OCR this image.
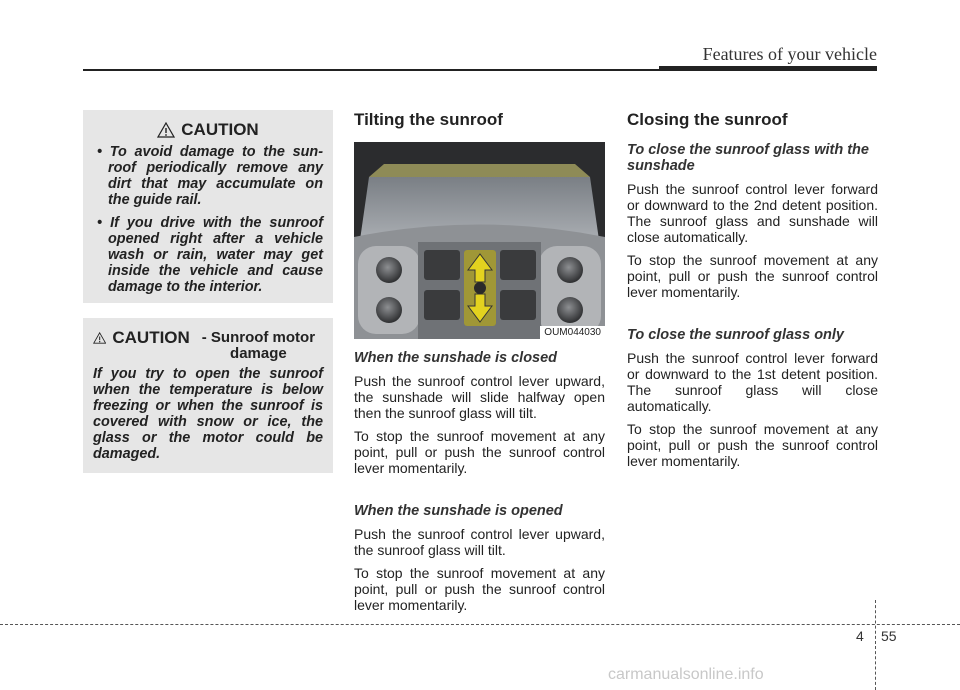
Features of your vehicle
CAUTION
• To avoid damage to the sunroof periodically remove any dirt that may accumulate on the guide rail.
• If you drive with the sunroof opened right after a vehicle wash or rain, water may get inside the vehicle and cause damage to the interior.
CAUTION - Sunroof motor damage

If you try to open the sunroof when the temperature is below freezing or when the sunroof is covered with snow or ice, the glass or the motor could be damaged.

Tilting the sunroof
OUM044030
When the sunshade is closed

Push the sunroof control lever upward, the sunshade will slide halfway open then the sunroof glass will tilt.

To stop the sunroof movement at any point, pull or push the sunroof control lever momentarily.

When the sunshade is opened

Push the sunroof control lever upward, the sunroof glass will tilt.

To stop the sunroof movement at any point, pull or push the sunroof control lever momentarily.

Closing the sunroof
To close the sunroof glass with the sunshade

Push the sunroof control lever forward or downward to the 2nd detent position. The sunroof glass and sunshade will close automatically.

To stop the sunroof movement at any point, pull or push the sunroof control lever momentarily.

To close the sunroof glass only

Push the sunroof control lever forward or downward to the 1st detent position. The sunroof glass will close automatically.

To stop the sunroof movement at any point, pull or push the sunroof control lever momentarily.

4 55
carmanualsonline.info
